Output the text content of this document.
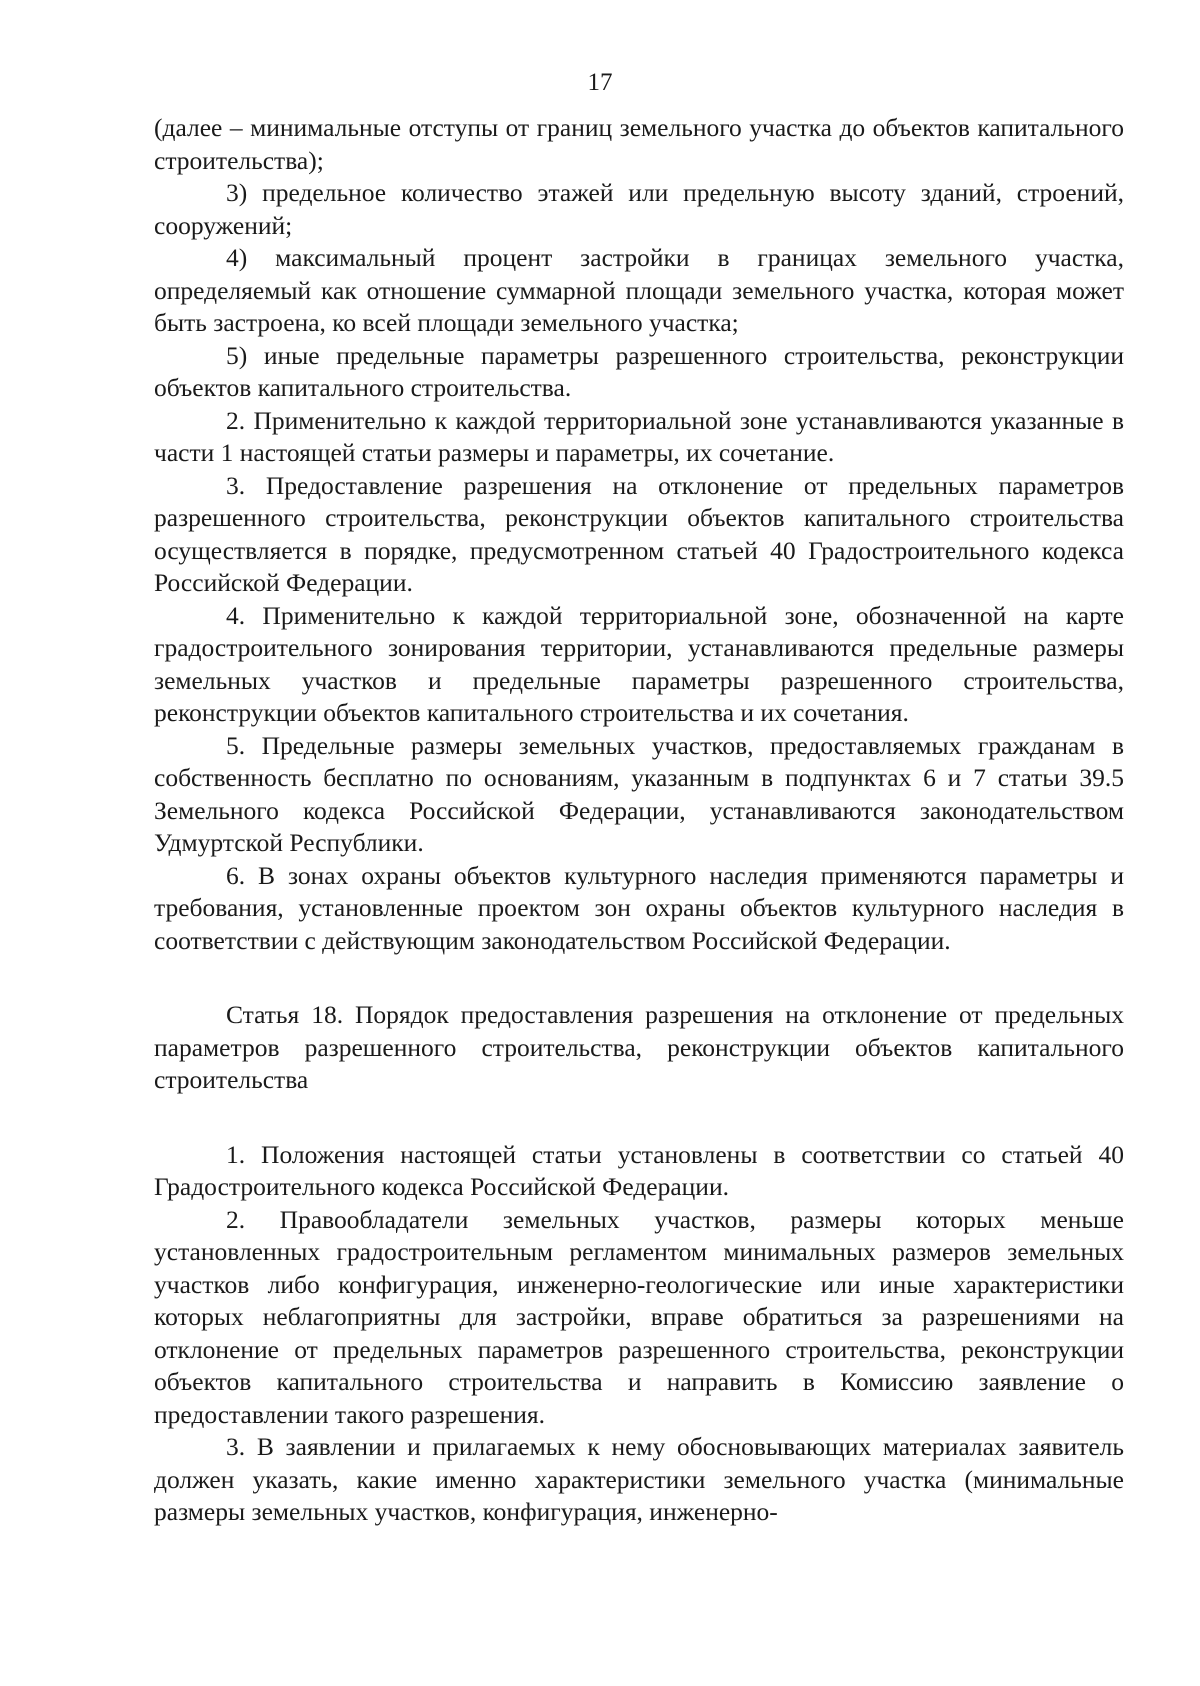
17

(далее – минимальные отступы от границ земельного участка до объектов капитального строительства);

3) предельное количество этажей или предельную высоту зданий, строений, сооружений;

4) максимальный процент застройки в границах земельного участка, определяемый как отношение суммарной площади земельного участка, которая может быть застроена, ко всей площади земельного участка;

5) иные предельные параметры разрешенного строительства, реконструкции объектов капитального строительства.

2. Применительно к каждой территориальной зоне устанавливаются указанные в части 1 настоящей статьи размеры и параметры, их сочетание.

3. Предоставление разрешения на отклонение от предельных параметров разрешенного строительства, реконструкции объектов капитального строительства осуществляется в порядке, предусмотренном статьей 40 Градостроительного кодекса Российской Федерации.

4. Применительно к каждой территориальной зоне, обозначенной на карте градостроительного зонирования территории, устанавливаются предельные размеры земельных участков и предельные параметры разрешенного строительства, реконструкции объектов капитального строительства и их сочетания.

5. Предельные размеры земельных участков, предоставляемых гражданам в собственность бесплатно по основаниям, указанным в подпунктах 6 и 7 статьи 39.5 Земельного кодекса Российской Федерации, устанавливаются законодательством Удмуртской Республики.

6. В зонах охраны объектов культурного наследия применяются параметры и требования, установленные проектом зон охраны объектов культурного наследия в соответствии с действующим законодательством Российской Федерации.

Статья 18. Порядок предоставления разрешения на отклонение от предельных параметров разрешенного строительства, реконструкции объектов капитального строительства

1. Положения настоящей статьи установлены в соответствии со статьей 40 Градостроительного кодекса Российской Федерации.

2. Правообладатели земельных участков, размеры которых меньше установленных градостроительным регламентом минимальных размеров земельных участков либо конфигурация, инженерно-геологические или иные характеристики которых неблагоприятны для застройки, вправе обратиться за разрешениями на отклонение от предельных параметров разрешенного строительства, реконструкции объектов капитального строительства и направить в Комиссию заявление о предоставлении такого разрешения.

3. В заявлении и прилагаемых к нему обосновывающих материалах заявитель должен указать, какие именно характеристики земельного участка (минимальные размеры земельных участков, конфигурация, инженерно-
